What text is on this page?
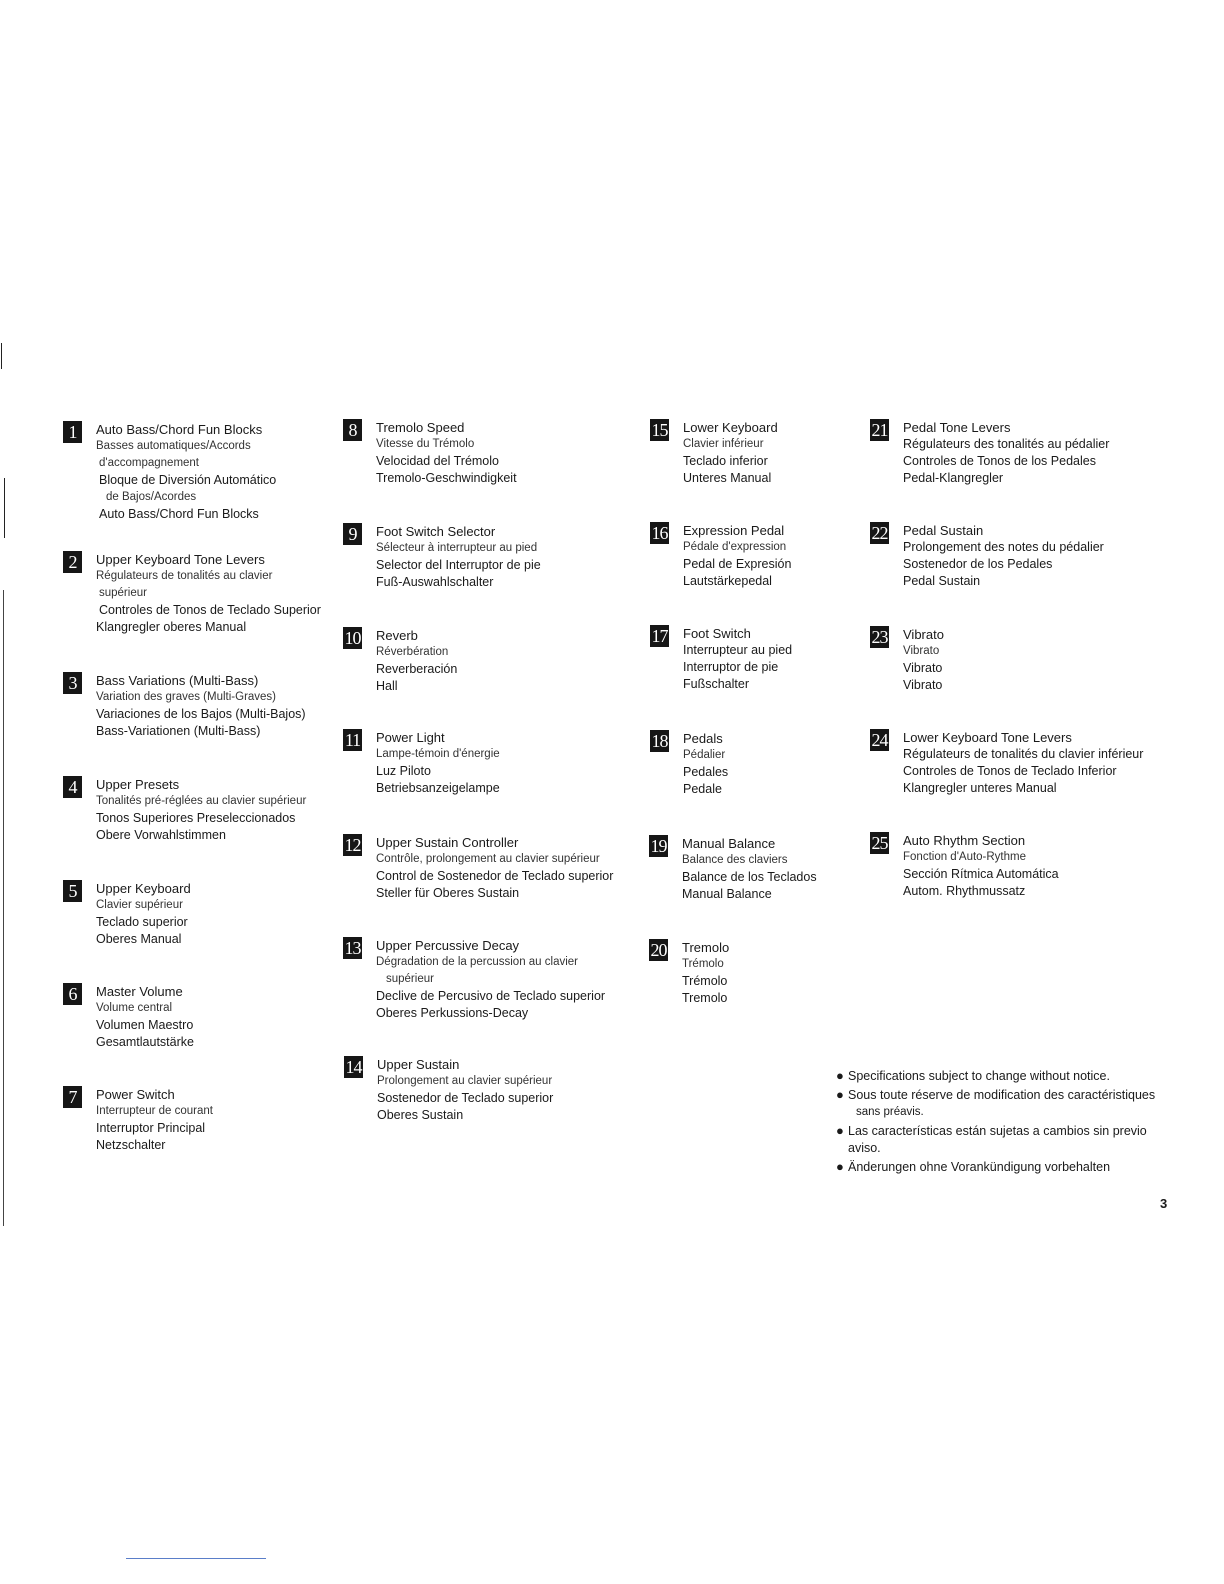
1	Auto Bass/Chord Fun Blocks
Basses automatiques/Accords
d'accompagnement
Bloque de Diversión Automático
de Bajos/Acordes
Auto Bass/Chord Fun Blocks
2	Upper Keyboard Tone Levers
Régulateurs de tonalités au clavier
supérieur
Controles de Tonos de Teclado Superior
Klangregler oberes Manual
3	Bass Variations (Multi-Bass)
Variation des graves (Multi-Graves)
Variaciones de los Bajos (Multi-Bajos)
Bass-Variationen (Multi-Bass)
4	Upper Presets
Tonalités pré-réglées au clavier supérieur
Tonos Superiores Preseleccionados
Obere Vorwahlstimmen
5	Upper Keyboard
Clavier supérieur
Teclado superior
Oberes Manual
6	Master Volume
Volume central
Volumen Maestro
Gesamtlautstärke
7	Power Switch
Interrupteur de courant
Interruptor Principal
Netzschalter
8	Tremolo Speed
Vitesse du Trémolo
Velocidad del Trémolo
Tremolo-Geschwindigkeit
9	Foot Switch Selector
Sélecteur à interrupteur au pied
Selector del Interruptor de pie
Fuß-Auswahlschalter
10 Reverb
Réverbération
Reverberación
Hall
11 Power Light
Lampe-témoin d'énergie
Luz Piloto
Betriebsanzeigelampe
12 Upper Sustain Controller
Contrôle, prolongement au clavier supérieur
Control de Sostenedor de Teclado superior
Steller für Oberes Sustain
13 Upper Percussive Decay
Dégradation de la percussion au clavier
supérieur
Declive de Percusivo de Teclado superior
Oberes Perkussions-Decay
14 Upper Sustain
Prolongement au clavier supérieur
Sostenedor de Teclado superior
Oberes Sustain
15 Lower Keyboard
Clavier inférieur
Teclado inferior
Unteres Manual
16 Expression Pedal
Pédale d'expression
Pedal de Expresión
Lautstärkepedal
17 Foot Switch
Interrupteur au pied
Interruptor de pie
Fußschalter
18 Pedals
Pédalier
Pedales
Pedale
19 Manual Balance
Balance des claviers
Balance de los Teclados
Manual Balance
20 Tremolo
Trémolo
Trémolo
Tremolo
21 Pedal Tone Levers
Régulateurs des tonalités au pédalier
Controles de Tonos de los Pedales
Pedal-Klangregler
22 Pedal Sustain
Prolongement des notes du pédalier
Sostenedor de los Pedales
Pedal Sustain
23 Vibrato
Vibrato
Vibrato
Vibrato
24 Lower Keyboard Tone Levers
Régulateurs de tonalités du clavier inférieur
Controles de Tonos de Teclado Inferior
Klangregler unteres Manual
25 Auto Rhythm Section
Fonction d'Auto-Rythme
Sección Rítmica Automática
Autom. Rhythmussatz
● Specifications subject to change without notice.
● Sous toute réserve de modification des caractéristiques
sans préavis.
● Las características están sujetas a cambios sin previo
aviso.
● Änderungen ohne Vorankündigung vorbehalten
3
